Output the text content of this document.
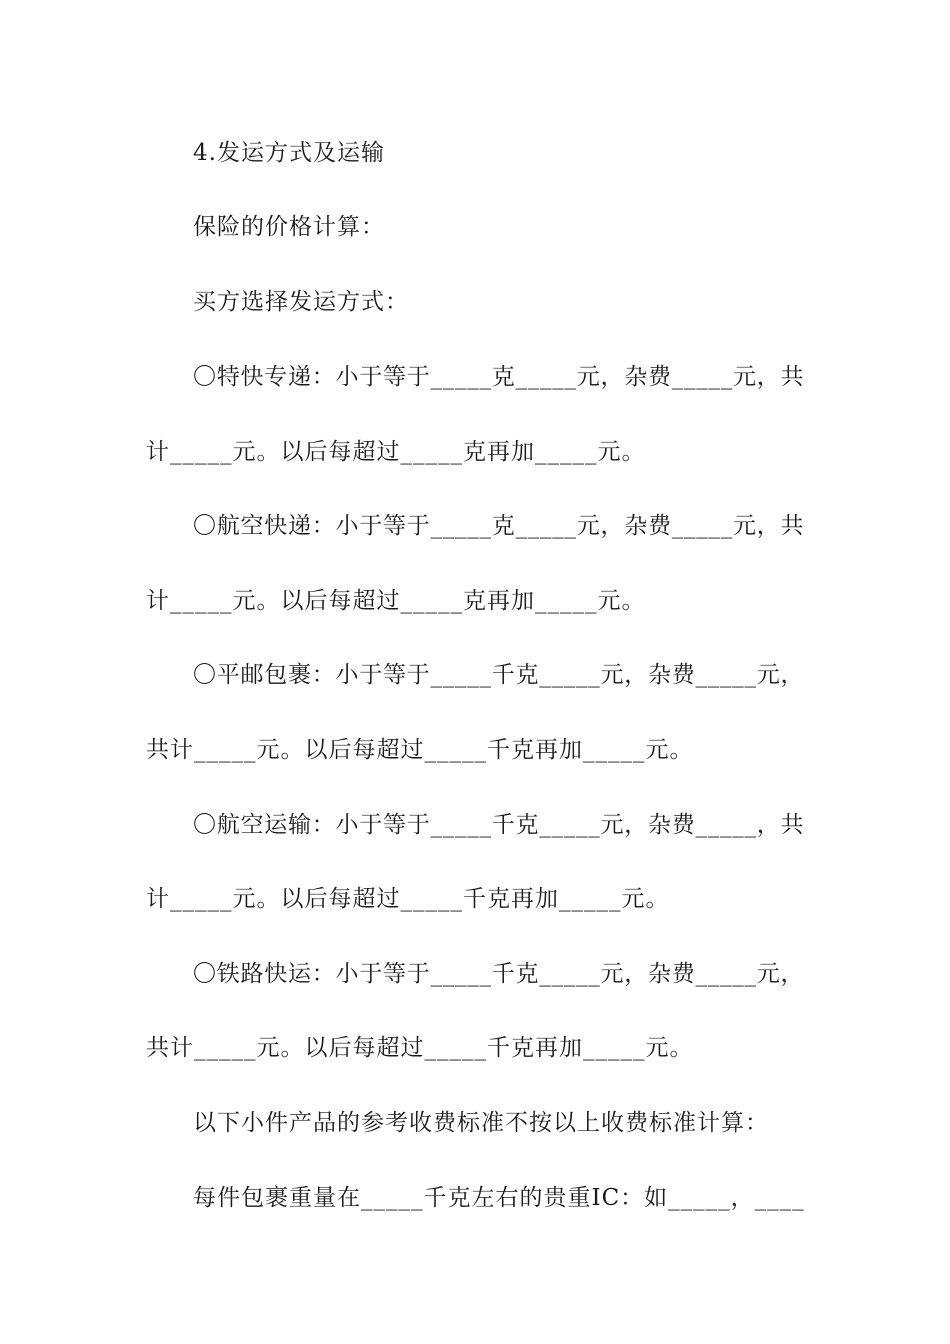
4.发运方式及运输
保险的价格计算：
买方选择发运方式：
〇特快专递：小于等于_____克_____元，杂费_____元，共
计_____元。以后每超过_____克再加_____元。
〇航空快递：小于等于_____克_____元，杂费_____元，共
计_____元。以后每超过_____克再加_____元。
〇平邮包裹：小于等于_____千克_____元，杂费_____元，
共计_____元。以后每超过_____千克再加_____元。
〇航空运输：小于等于_____千克_____元，杂费_____，共
计_____元。以后每超过_____千克再加_____元。
〇铁路快运：小于等于_____千克_____元，杂费_____元，
共计_____元。以后每超过_____千克再加_____元。
以下小件产品的参考收费标准不按以上收费标准计算：
每件包裹重量在_____千克左右的贵重IC：如_____，____
